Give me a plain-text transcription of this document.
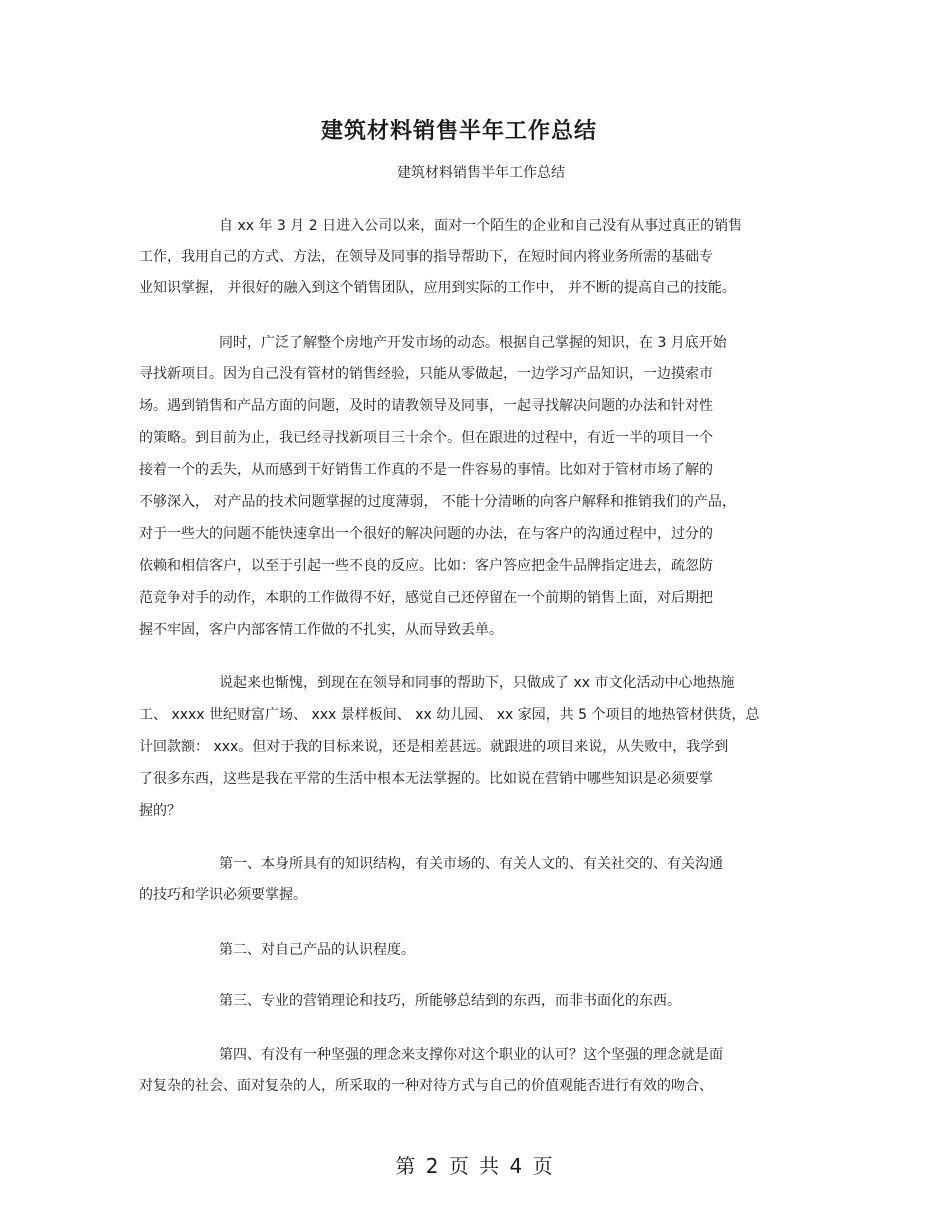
建筑材料销售半年工作总结
建筑材料销售半年工作总结
自 xx 年 3 月 2 日进入公司以来，面对一个陌生的企业和自己没有从事过真正的销售
工作，我用自己的方式、方法，在领导及同事的指导帮助下，在短时间内将业务所需的基础专
业知识掌握， 并很好的融入到这个销售团队，应用到实际的工作中， 并不断的提高自己的技能。
同时，广泛了解整个房地产开发市场的动态。根据自己掌握的知识，在 3 月底开始
寻找新项目。因为自己没有管材的销售经验，只能从零做起，一边学习产品知识，一边摸索市
场。遇到销售和产品方面的问题，及时的请教领导及同事，一起寻找解决问题的办法和针对性
的策略。到目前为止，我已经寻找新项目三十余个。但在跟进的过程中，有近一半的项目一个
接着一个的丢失，从而感到干好销售工作真的不是一件容易的事情。比如对于管材市场了解的
不够深入， 对产品的技术问题掌握的过度薄弱， 不能十分清晰的向客户解释和推销我们的产品，
对于一些大的问题不能快速拿出一个很好的解决问题的办法，在与客户的沟通过程中，过分的
依赖和相信客户，以至于引起一些不良的反应。比如：客户答应把金牛品牌指定进去，疏忽防
范竞争对手的动作，本职的工作做得不好，感觉自己还停留在一个前期的销售上面，对后期把
握不牢固，客户内部客情工作做的不扎实，从而导致丢单。
说起来也惭愧，到现在在领导和同事的帮助下，只做成了 xx 市文化活动中心地热施
工、 xxxx 世纪财富广场、 xxx 景样板间、 xx 幼儿园、 xx 家园，共 5 个项目的地热管材供货，总
计回款额： xxx。但对于我的目标来说，还是相差甚远。就跟进的项目来说，从失败中，我学到
了很多东西，这些是我在平常的生活中根本无法掌握的。比如说在营销中哪些知识是必须要掌
握的？
第一、本身所具有的知识结构，有关市场的、有关人文的、有关社交的、有关沟通
的技巧和学识必须要掌握。
第二、对自己产品的认识程度。
第三、专业的营销理论和技巧，所能够总结到的东西，而非书面化的东西。
第四、有没有一种坚强的理念来支撑你对这个职业的认可？这个坚强的理念就是面
对复杂的社会、面对复杂的人，所采取的一种对待方式与自己的价值观能否进行有效的吻合、
第 2 页 共 4 页
